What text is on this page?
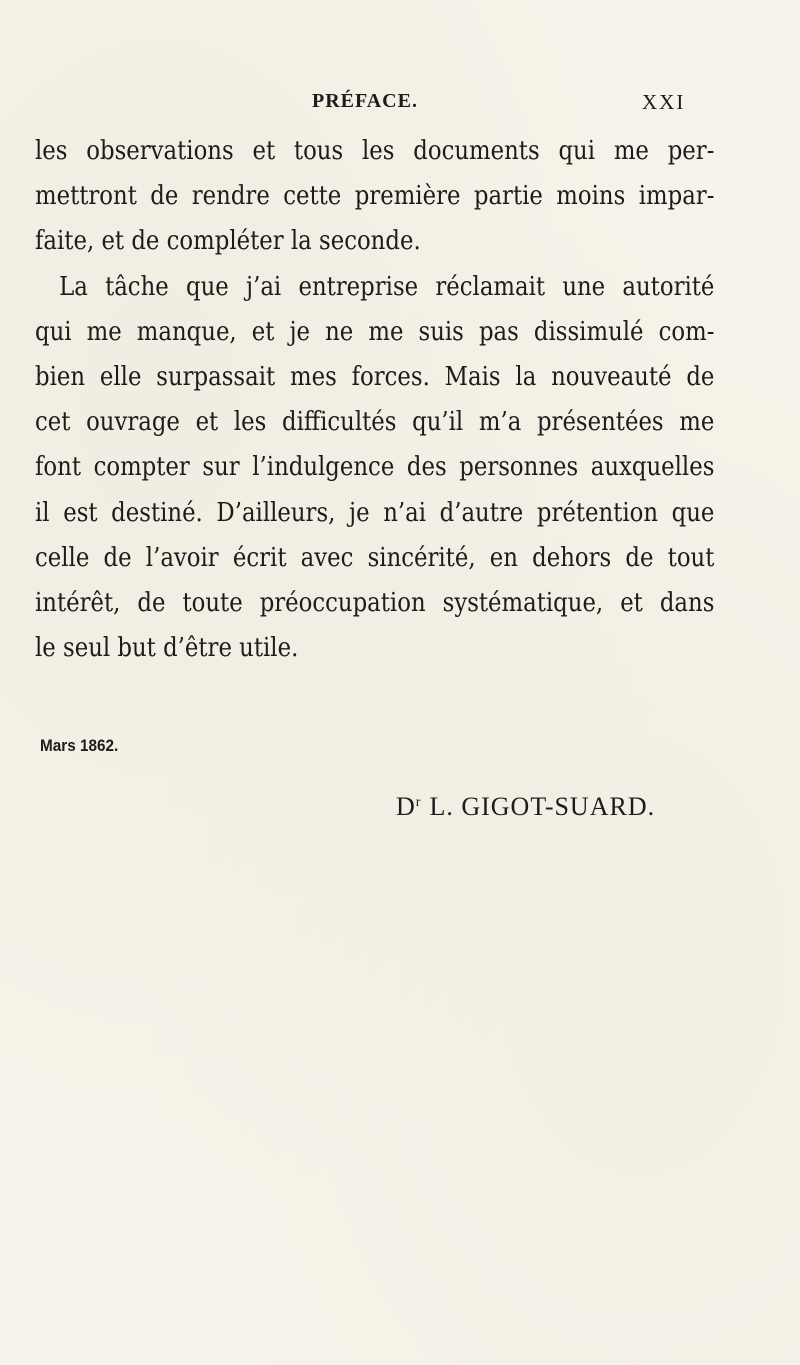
PRÉFACE.	XXI
les observations et tous les documents qui me per-
mettront de rendre cette première partie moins impar-
faite, et de compléter la seconde.
La tâche que j’ai entreprise réclamait une autorité
qui me manque, et je ne me suis pas dissimulé com-
bien elle surpassait mes forces. Mais la nouveauté de
cet ouvrage et les difficultés qu’il m’a présentées me
font compter sur l’indulgence des personnes auxquelles
il est destiné. D’ailleurs, je n’ai d’autre prétention que
celle de l’avoir écrit avec sincérité, en dehors de tout
intérêt, de toute préoccupation systématique, et dans
le seul but d’être utile.
Mars 1862.
$D^r$ L. GIGOT-SUARD.
